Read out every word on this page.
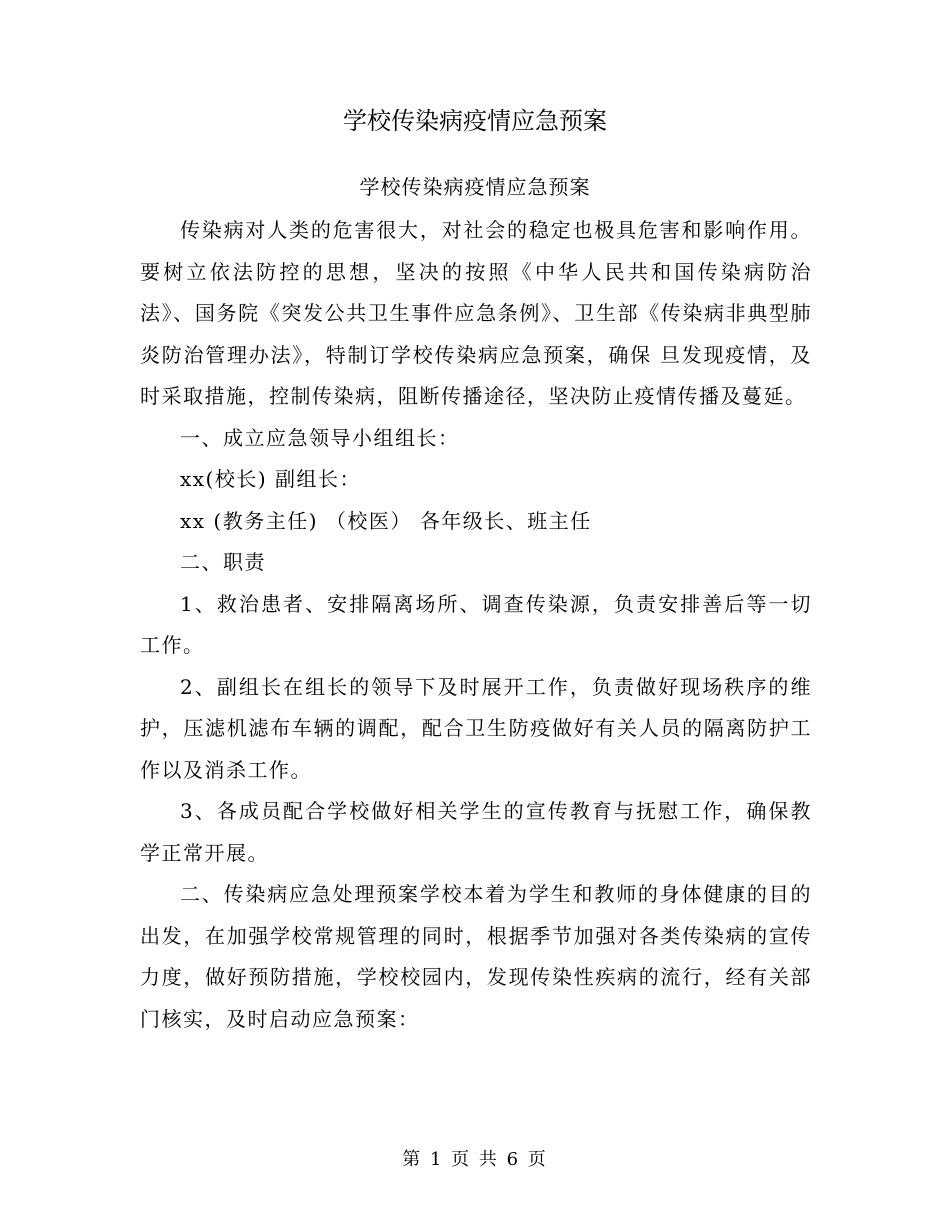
学校传染病疫情应急预案
学校传染病疫情应急预案

传染病对人类的危害很大，对社会的稳定也极具危害和影响作用。要树立依法防控的思想，坚决的按照《中华人民共和国传染病防治法》、国务院《突发公共卫生事件应急条例》、卫生部《传染病非典型肺炎防治管理办法》，特制订学校传染病应急预案，确保 旦发现疫情，及时采取措施，控制传染病，阻断传播途径，坚决防止疫情传播及蔓延。

一、成立应急领导小组组长：

xx(校长) 副组长：

xx (教务主任) （校医） 各年级长、班主任

二、职责

1、救治患者、安排隔离场所、调查传染源，负责安排善后等一切工作。

2、副组长在组长的领导下及时展开工作，负责做好现场秩序的维护，压滤机滤布车辆的调配，配合卫生防疫做好有关人员的隔离防护工作以及消杀工作。

3、各成员配合学校做好相关学生的宣传教育与抚慰工作，确保教学正常开展。

二、传染病应急处理预案学校本着为学生和教师的身体健康的目的出发，在加强学校常规管理的同时，根据季节加强对各类传染病的宣传力度，做好预防措施，学校校园内，发现传染性疾病的流行，经有关部门核实，及时启动应急预案：

第 1 页 共 6 页
